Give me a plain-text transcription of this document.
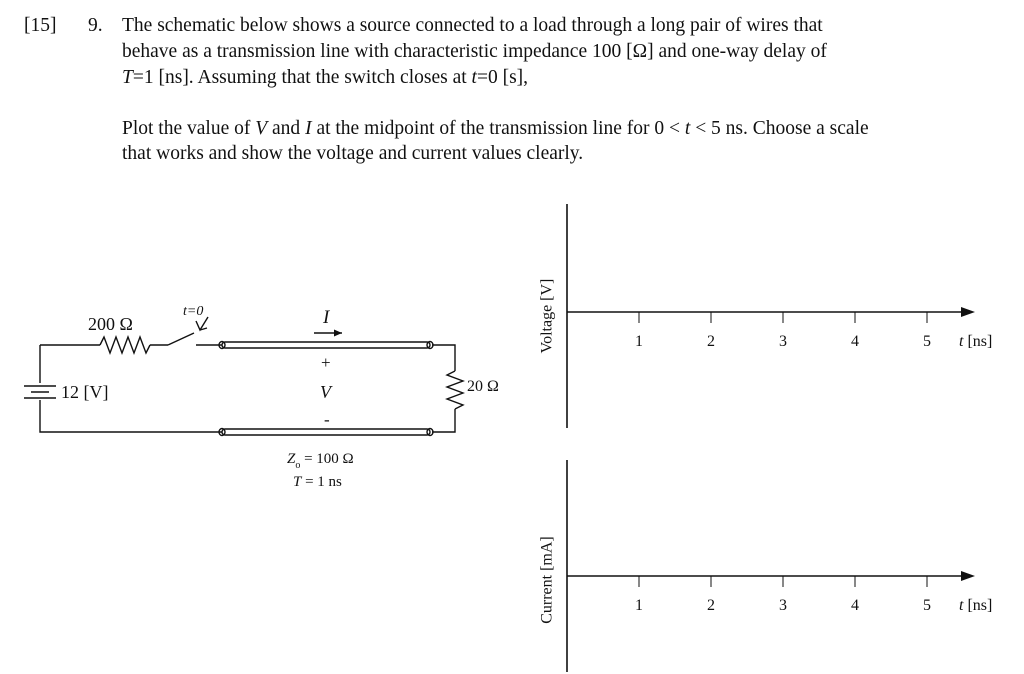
[15] 9. The schematic below shows a source connected to a load through a long pair of wires that
behave as a transmission line with characteristic impedance 100 [Ω] and one-way delay of
T=1 [ns]. Assuming that the switch closes at t=0 [s],
Plot the value of V and I at the midpoint of the transmission line for 0 < t < 5 ns. Choose a scale
that works and show the voltage and current values clearly.
200 Ω
t=0
12 [V]
I
+
V
-
20 Ω
$Z_o = 100$ Ω
T = 1 ns
1	2	3	4	5
Voltage [V]	t [ns]
1	2	3	4	5
Current [mA]	t [ns]
